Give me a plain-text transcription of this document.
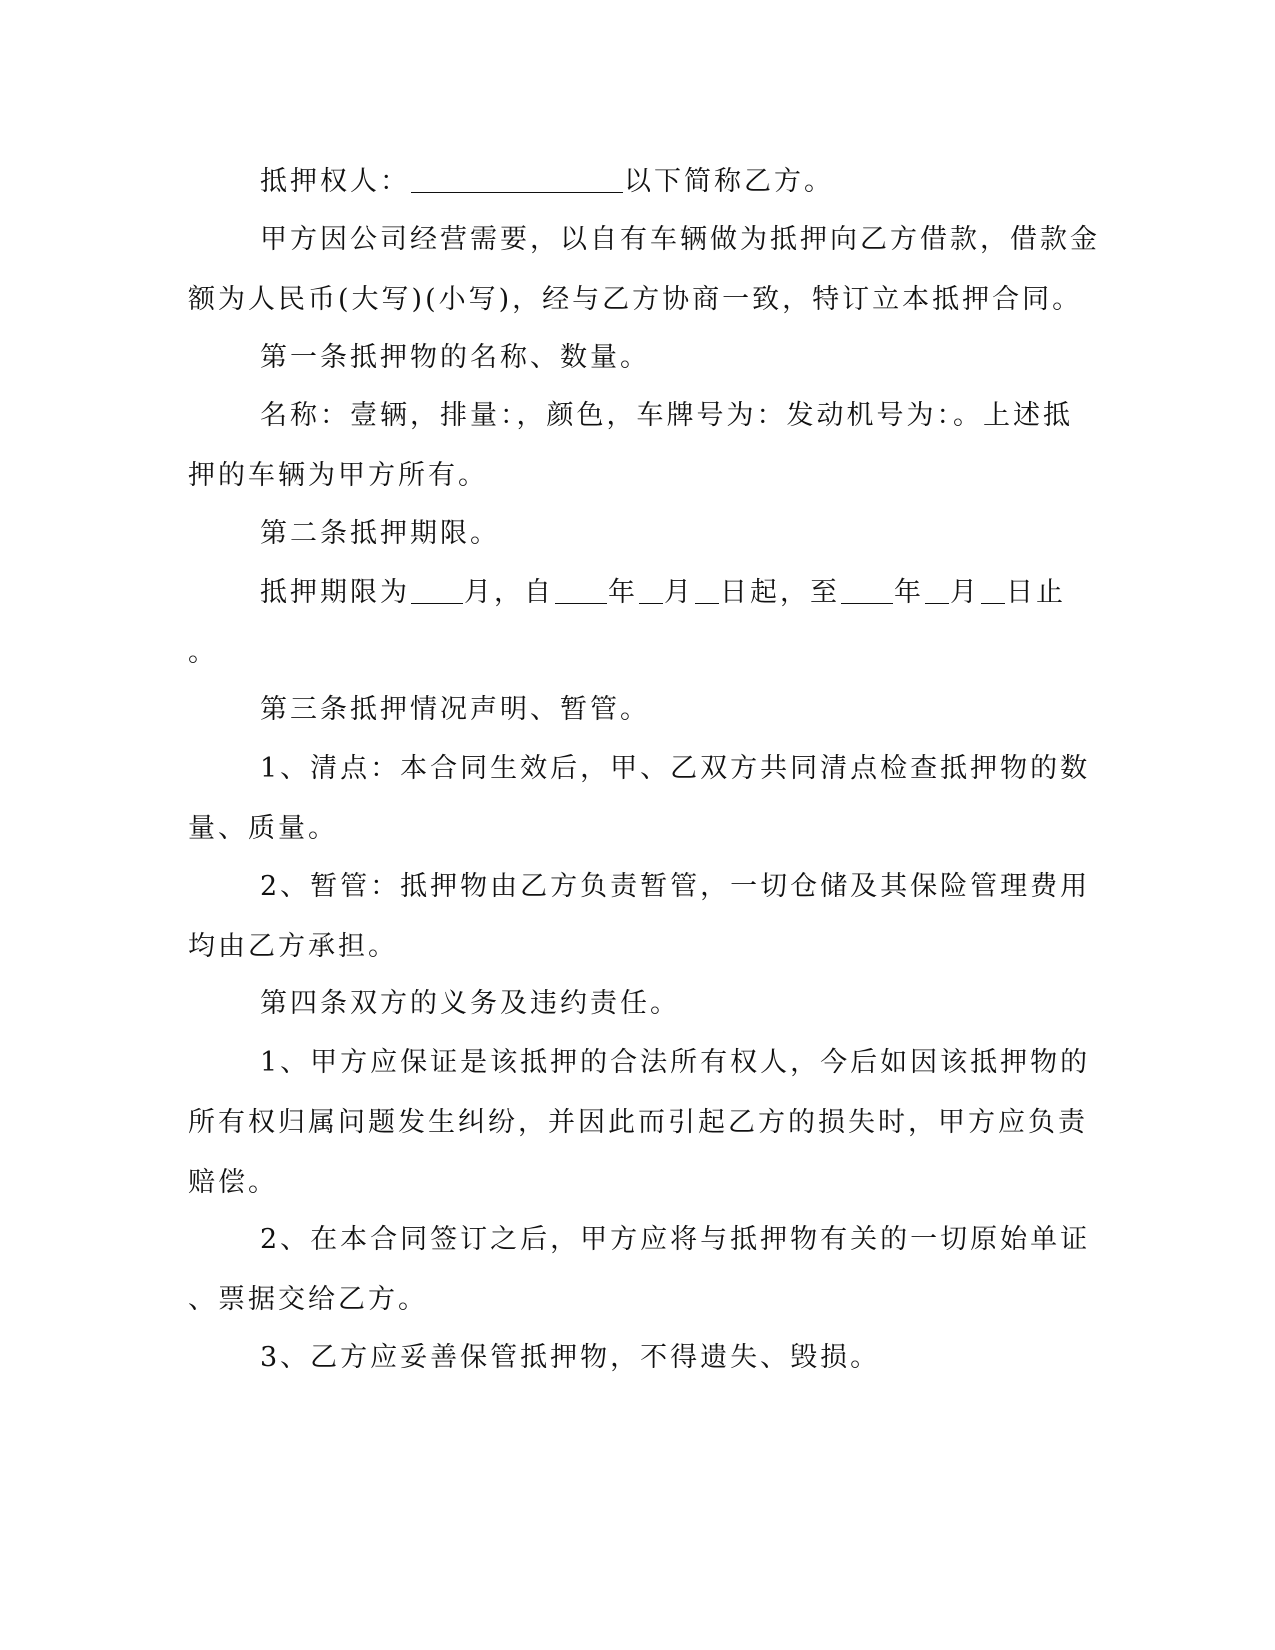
抵押权人：	以下简称乙方。

甲方因公司经营需要，以自有车辆做为抵押向乙方借款，借款金
额为人民币(大写)(小写)，经与乙方协商一致，特订立本抵押合同。

第一条抵押物的名称、数量。

名称：壹辆，排量：，颜色，车牌号为：发动机号为：。上述抵
押的车辆为甲方所有。

第二条抵押期限。

抵押期限为 月，自 年 月 日起，至 年 月 日止
。

第三条抵押情况声明、暂管。

1、清点：本合同生效后，甲、乙双方共同清点检查抵押物的数
量、质量。

2、暂管：抵押物由乙方负责暂管，一切仓储及其保险管理费用
均由乙方承担。

第四条双方的义务及违约责任。

1、甲方应保证是该抵押的合法所有权人，今后如因该抵押物的
所有权归属问题发生纠纷，并因此而引起乙方的损失时，甲方应负责
赔偿。

2、在本合同签订之后，甲方应将与抵押物有关的一切原始单证
、票据交给乙方。

3、乙方应妥善保管抵押物，不得遗失、毁损。
